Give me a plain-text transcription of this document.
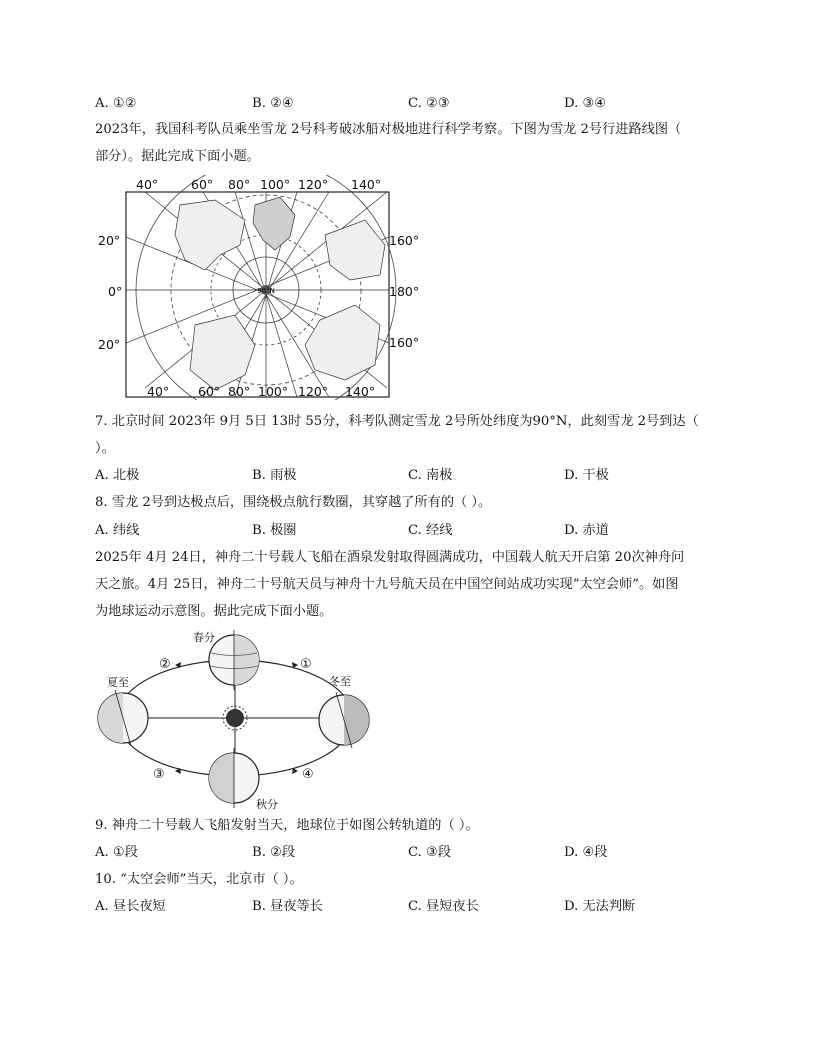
A. ①②	B. ②④	C. ②③	D. ③④
2023年，我国科考队员乘坐雪龙 2号科考破冰船对极地进行科学考察。下图为雪龙 2号行进路线图（
部分）。据此完成下面小题。
90°N
40°	60° 80° 100° 120° 140°
40° 60° 80° 100° 120° 140°
20°
0°
20°
160°
180°
160°
7. 北京时间 2023年 9月 5日 13时 55分，科考队测定雪龙 2号所处纬度为90°N，此刻雪龙 2号到达（
）。
A. 北极	B. 雨极	C. 南极	D. 干极
8. 雪龙 2号到达极点后，围绕极点航行数圈，其穿越了所有的（ ）。
A. 纬线	B. 极圈	C. 经线	D. 赤道
2025年 4月 24日，神舟二十号载人飞船在酒泉发射取得圆满成功，中国载人航天开启第 20次神舟问
天之旅。4月 25日，神舟二十号航天员与神舟十九号航天员在中国空间站成功实现“太空会师”。如图
为地球运动示意图。据此完成下面小题。
春分
夏至	冬至
秋分
①
②
③	④
9. 神舟二十号载人飞船发射当天，地球位于如图公转轨道的（ ）。
A. ①段	B. ②段	C. ③段	D. ④段
10. “太空会师”当天，北京市（ ）。
A. 昼长夜短	B. 昼夜等长	C. 昼短夜长	D. 无法判断
